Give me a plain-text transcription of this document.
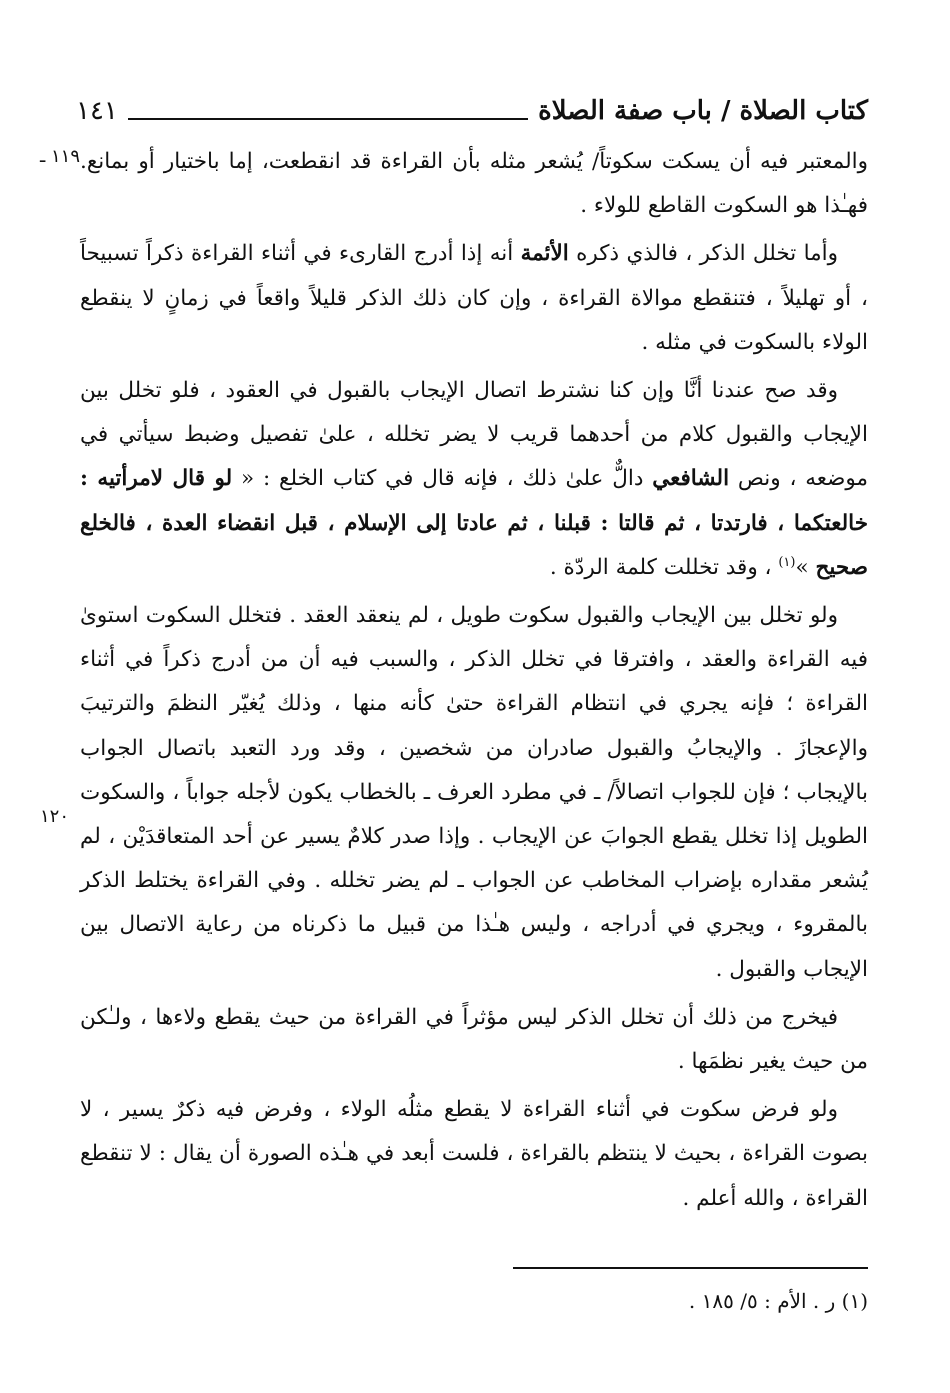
كتاب الصلاة / باب صفة الصلاة
١٤١
١١٩ ـ
١٢٠

والمعتبر فيه أن يسكت سكوتاً/ يُشعر مثله بأن القراءة قد انقطعت، إما باختيار أو بمانع. فهـٰذا هو السكوت القاطع للولاء .

وأما تخلل الذكر ، فالذي ذكره الأئمة أنه إذا أدرج القارىء في أثناء القراءة ذكراً تسبيحاً ، أو تهليلاً ، فتنقطع موالاة القراءة ، وإن كان ذلك الذكر قليلاً واقعاً في زمانٍ لا ينقطع الولاء بالسكوت في مثله .

وقد صح عندنا أنَّا وإن كنا نشترط اتصال الإيجاب بالقبول في العقود ، فلو تخلل بين الإيجاب والقبول كلام من أحدهما قريب لا يضر تخلله ، علىٰ تفصيل وضبط سيأتي في موضعه ، ونص الشافعي دالٌّ علىٰ ذلك ، فإنه قال في كتاب الخلع : « لو قال لامرأتيه : خالعتكما ، فارتدتا ، ثم قالتا : قبلنا ، ثم عادتا إلى الإسلام ، قبل انقضاء العدة ، فالخلع صحيح »$^{(١)}$ ، وقد تخللت كلمة الردّة .

ولو تخلل بين الإيجاب والقبول سكوت طويل ، لم ينعقد العقد . فتخلل السكوت استوىٰ فيه القراءة والعقد ، وافترقا في تخلل الذكر ، والسبب فيه أن من أدرج ذكراً في أثناء القراءة ؛ فإنه يجري في انتظام القراءة حتىٰ كأنه منها ، وذلك يُغيّر النظمَ والترتيبَ والإعجازَ . والإيجابُ والقبول صادران من شخصين ، وقد ورد التعبد باتصال الجواب بالإيجاب ؛ فإن للجواب اتصالاً/ ـ في مطرد العرف ـ بالخطاب يكون لأجله جواباً ، والسكوت الطويل إذا تخلل يقطع الجوابَ عن الإيجاب . وإذا صدر كلامٌ يسير عن أحد المتعاقدَيْن ، لم يُشعر مقداره بإضراب المخاطب عن الجواب ـ لم يضر تخلله . وفي القراءة يختلط الذكر بالمقروء ، ويجري في أدراجه ، وليس هـٰذا من قبيل ما ذكرناه من رعاية الاتصال بين الإيجاب والقبول .

فيخرج من ذلك أن تخلل الذكر ليس مؤثراً في القراءة من حيث يقطع ولاءها ، ولـٰكن من حيث يغير نظمَها .

ولو فرض سكوت في أثناء القراءة لا يقطع مثلُه الولاء ، وفرض فيه ذكرٌ يسير ، لا بصوت القراءة ، بحيث لا ينتظم بالقراءة ، فلست أبعد في هـٰذه الصورة أن يقال : لا تنقطع القراءة ، والله أعلم .

(١) ر . الأم : ٥/ ١٨٥ .
